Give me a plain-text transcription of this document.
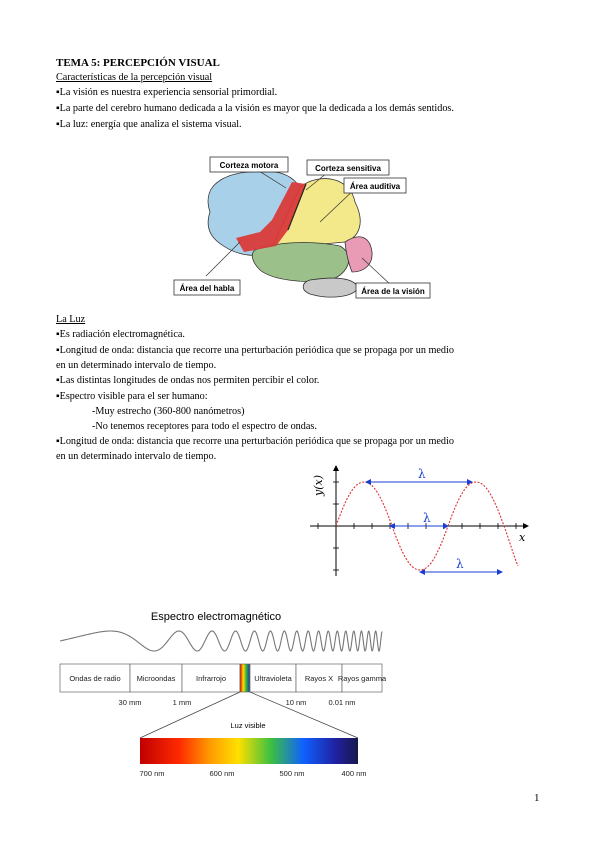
TEMA 5: PERCEPCIÓN VISUAL
Características de la percepción visual
▪La visión es nuestra experiencia sensorial primordial.
▪La parte del cerebro humano dedicada a la visión es mayor que la dedicada a los demás sentidos.
▪La luz: energía que analiza el sistema visual.
Corteza motora	Corteza sensitiva
Área auditiva
Área del habla	Área de la visión
La Luz
▪Es radiación electromagnética.
▪Longitud de onda: distancia que recorre una perturbación periódica que se propaga por un medio
en un determinado intervalo de tiempo.
▪Las distintas longitudes de ondas nos permiten percibir el color.
▪Espectro visible para el ser humano:
-Muy estrecho (360-800 nanómetros)
-No tenemos receptores para todo el espectro de ondas.
▪Longitud de onda: distancia que recorre una perturbación periódica que se propaga por un medio
en un determinado intervalo de tiempo.
λ
λ
λ
x
y(x)
Espectro electromagnético
Ondas de radio Microondas	Infrarrojo	Ultravioleta Rayos X Rayos gamma
30 mm	1 mm	10 nm	0.01 nm
Luz visible
700 nm	600 nm	500 nm	400 nm
1
